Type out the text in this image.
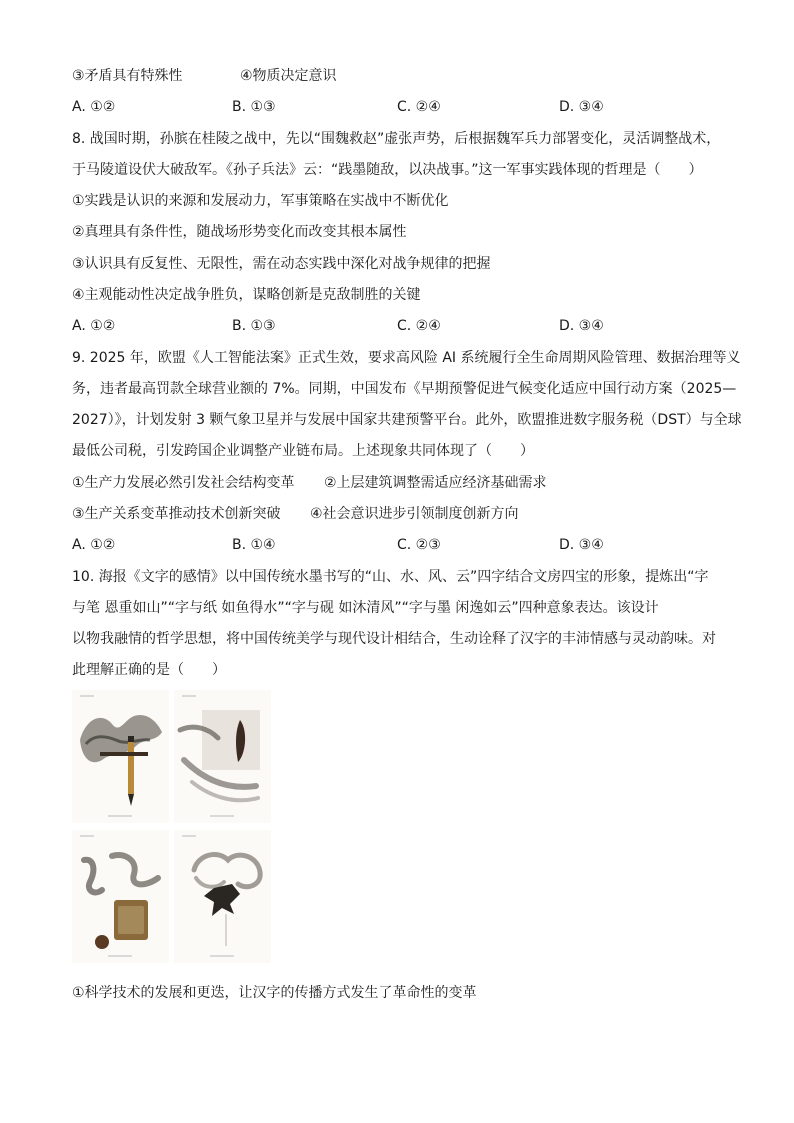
③矛盾具有特殊性	④物质决定意识
A. ①②	B. ①③	C. ②④	D. ③④
8. 战国时期，孙膑在桂陵之战中，先以“围魏救赵”虚张声势，后根据魏军兵力部署变化，灵活调整战术，
于马陵道设伏大破敌军。《孙子兵法》云：“践墨随敌，以决战事。”这一军事实践体现的哲理是（　　）
①实践是认识的来源和发展动力，军事策略在实战中不断优化
②真理具有条件性，随战场形势变化而改变其根本属性
③认识具有反复性、无限性，需在动态实践中深化对战争规律的把握
④主观能动性决定战争胜负，谋略创新是克敌制胜的关键
A. ①②	B. ①③	C. ②④	D. ③④
9. 2025 年，欧盟《人工智能法案》正式生效，要求高风险 AI 系统履行全生命周期风险管理、数据治理等义
务，违者最高罚款全球营业额的 7%。同期，中国发布《早期预警促进气候变化适应中国行动方案（2025—
2027）》，计划发射 3 颗气象卫星并与发展中国家共建预警平台。此外，欧盟推进数字服务税（DST）与全球
最低公司税，引发跨国企业调整产业链布局。上述现象共同体现了（　　）
①生产力发展必然引发社会结构变革 ②上层建筑调整需适应经济基础需求
③生产关系变革推动技术创新突破 ④社会意识进步引领制度创新方向
A. ①②	B. ①④	C. ②③	D. ③④
10. 海报《文字的感情》以中国传统水墨书写的“山、水、风、云”四字结合文房四宝的形象，提炼出“字
与笔 恩重如山”“字与纸 如鱼得水”“字与砚 如沐清风”“字与墨 闲逸如云”四种意象表达。该设计
以物我融情的哲学思想，将中国传统美学与现代设计相结合，生动诠释了汉字的丰沛情感与灵动韵味。对
此理解正确的是（　　）
①科学技术的发展和更迭，让汉字的传播方式发生了革命性的变革
